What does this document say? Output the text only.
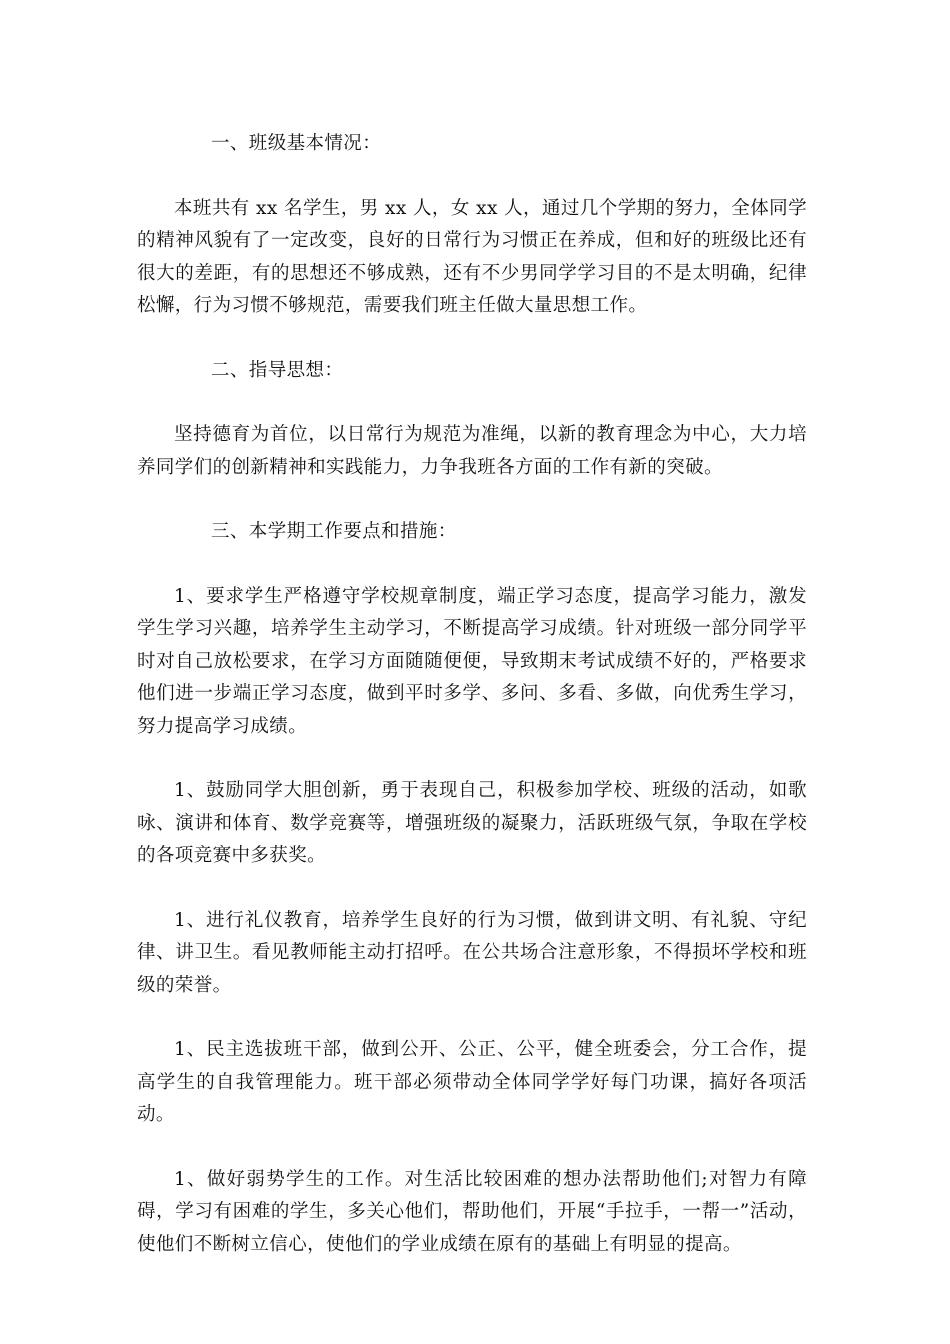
一、班级基本情况：

本班共有 xx 名学生，男 xx 人，女 xx 人，通过几个学期的努力，全体同学的精神风貌有了一定改变，良好的日常行为习惯正在养成，但和好的班级比还有很大的差距，有的思想还不够成熟，还有不少男同学学习目的不是太明确，纪律松懈，行为习惯不够规范，需要我们班主任做大量思想工作。

二、指导思想：

坚持德育为首位，以日常行为规范为准绳，以新的教育理念为中心，大力培养同学们的创新精神和实践能力，力争我班各方面的工作有新的突破。

三、本学期工作要点和措施：

1、要求学生严格遵守学校规章制度，端正学习态度，提高学习能力，激发学生学习兴趣，培养学生主动学习，不断提高学习成绩。针对班级一部分同学平时对自己放松要求，在学习方面随随便便，导致期末考试成绩不好的，严格要求他们进一步端正学习态度，做到平时多学、多问、多看、多做，向优秀生学习，努力提高学习成绩。

1、鼓励同学大胆创新，勇于表现自己，积极参加学校、班级的活动，如歌咏、演讲和体育、数学竞赛等，增强班级的凝聚力，活跃班级气氛，争取在学校的各项竞赛中多获奖。

1、进行礼仪教育，培养学生良好的行为习惯，做到讲文明、有礼貌、守纪律、讲卫生。看见教师能主动打招呼。在公共场合注意形象，不得损坏学校和班级的荣誉。

1、民主选拔班干部，做到公开、公正、公平，健全班委会，分工合作，提高学生的自我管理能力。班干部必须带动全体同学学好每门功课，搞好各项活动。

1、做好弱势学生的工作。对生活比较困难的想办法帮助他们;对智力有障碍，学习有困难的学生，多关心他们，帮助他们，开展“手拉手，一帮一”活动，使他们不断树立信心，使他们的学业成绩在原有的基础上有明显的提高。
